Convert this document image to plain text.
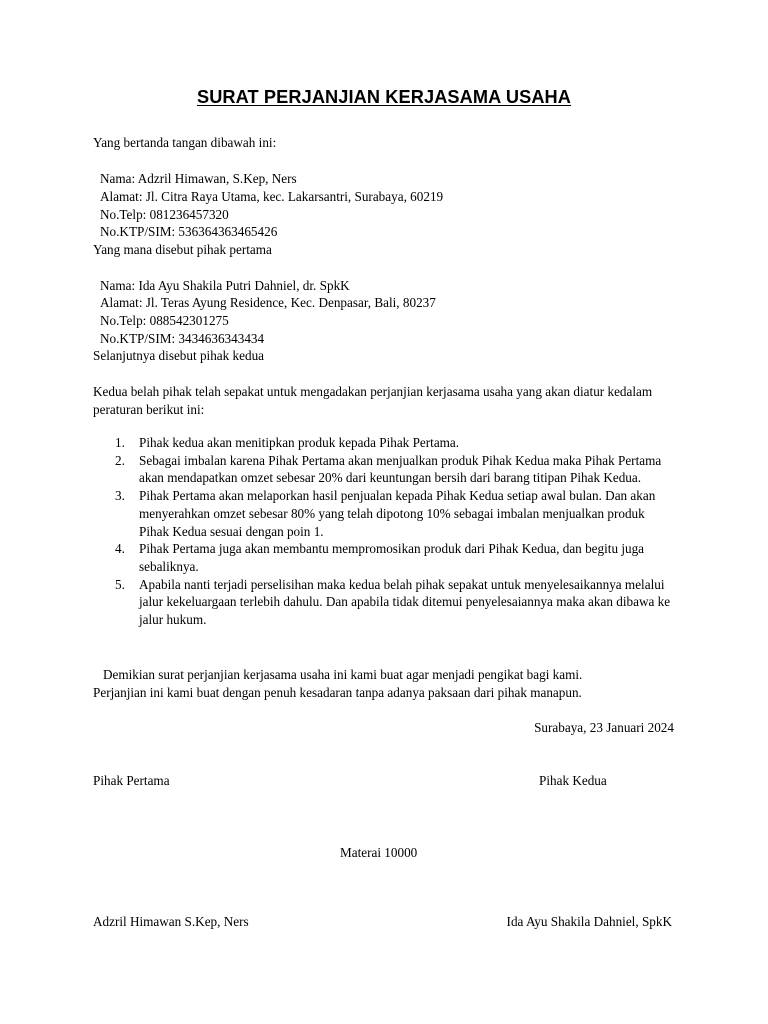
SURAT PERJANJIAN KERJASAMA USAHA
Yang bertanda tangan dibawah ini:
Nama: Adzril Himawan, S.Kep, Ners
Alamat: Jl. Citra Raya Utama, kec. Lakarsantri, Surabaya, 60219
No.Telp: 081236457320
No.KTP/SIM: 536364363465426
Yang mana disebut pihak pertama
Nama: Ida Ayu Shakila Putri Dahniel, dr. SpkK
Alamat: Jl. Teras Ayung Residence, Kec. Denpasar, Bali, 80237
No.Telp: 088542301275
No.KTP/SIM: 3434636343434
Selanjutnya disebut pihak kedua
Kedua belah pihak telah sepakat untuk mengadakan perjanjian kerjasama usaha yang akan diatur kedalam peraturan berikut ini:
1. Pihak kedua akan menitipkan produk kepada Pihak Pertama.
2. Sebagai imbalan karena Pihak Pertama akan menjualkan produk Pihak Kedua maka Pihak Pertama akan mendapatkan omzet sebesar 20% dari keuntungan bersih dari barang titipan Pihak Kedua.
3. Pihak Pertama akan melaporkan hasil penjualan kepada Pihak Kedua setiap awal bulan. Dan akan menyerahkan omzet sebesar 80% yang telah dipotong 10% sebagai imbalan menjualkan produk Pihak Kedua sesuai dengan poin 1.
4. Pihak Pertama juga akan membantu mempromosikan produk dari Pihak Kedua, dan begitu juga sebaliknya.
5. Apabila nanti terjadi perselisihan maka kedua belah pihak sepakat untuk menyelesaikannya melalui jalur kekeluargaan terlebih dahulu. Dan apabila tidak ditemui penyelesaiannya maka akan dibawa ke jalur hukum.
Demikian surat perjanjian kerjasama usaha ini kami buat agar menjadi pengikat bagi kami.
Perjanjian ini kami buat dengan penuh kesadaran tanpa adanya paksaan dari pihak manapun.
Surabaya, 23 Januari 2024
Pihak Pertama	Pihak Kedua
Materai 10000
Adzril Himawan S.Kep, Ners	Ida Ayu Shakila Dahniel, SpkK
